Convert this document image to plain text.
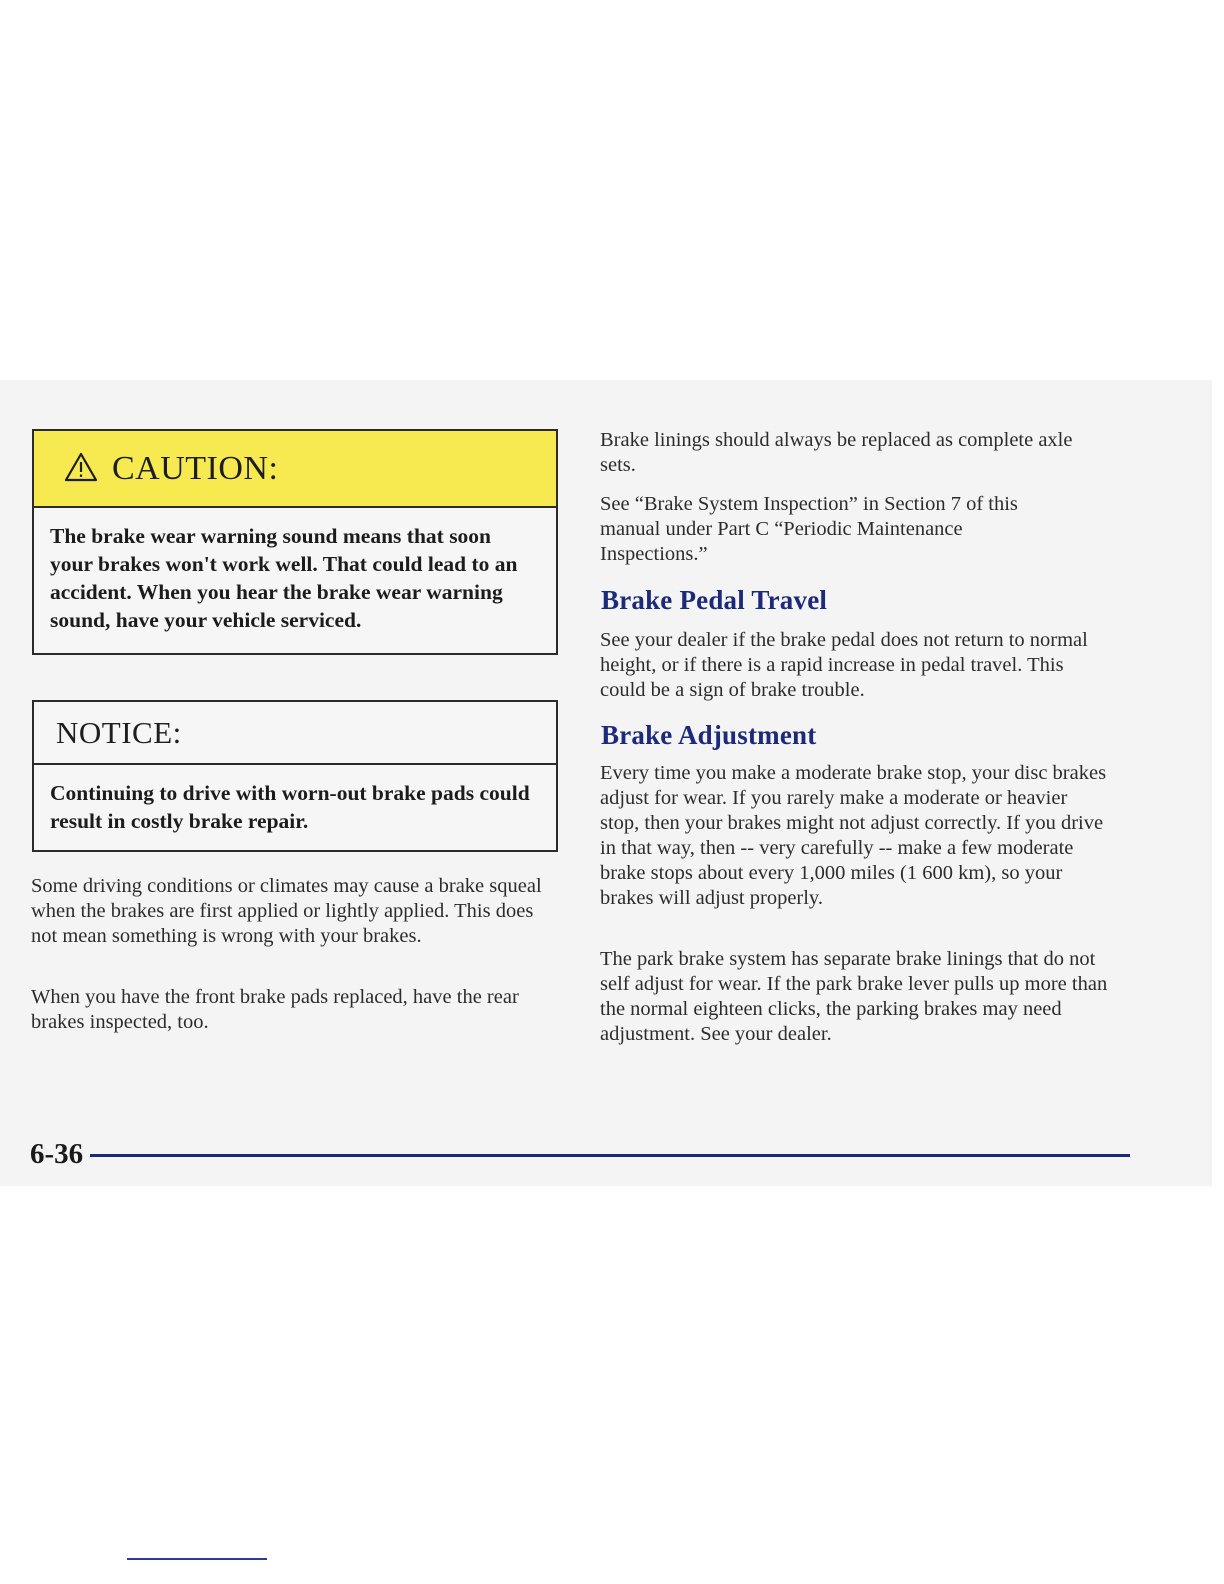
CAUTION:
The brake wear warning sound means that soon your brakes won't work well. That could lead to an accident. When you hear the brake wear warning sound, have your vehicle serviced.
NOTICE:
Continuing to drive with worn-out brake pads could result in costly brake repair.

Some driving conditions or climates may cause a brake squeal when the brakes are first applied or lightly applied. This does not mean something is wrong with your brakes.

When you have the front brake pads replaced, have the rear brakes inspected, too.

Brake linings should always be replaced as complete axle sets.

See “Brake System Inspection” in Section 7 of this manual under Part C “Periodic Maintenance Inspections.”

Brake Pedal Travel

See your dealer if the brake pedal does not return to normal height, or if there is a rapid increase in pedal travel. This could be a sign of brake trouble.

Brake Adjustment

Every time you make a moderate brake stop, your disc brakes adjust for wear. If you rarely make a moderate or heavier stop, then your brakes might not adjust correctly. If you drive in that way, then -- very carefully -- make a few moderate brake stops about every 1,000 miles (1 600 km), so your brakes will adjust properly.

The park brake system has separate brake linings that do not self adjust for wear. If the park brake lever pulls up more than the normal eighteen clicks, the parking brakes may need adjustment. See your dealer.

6-36
